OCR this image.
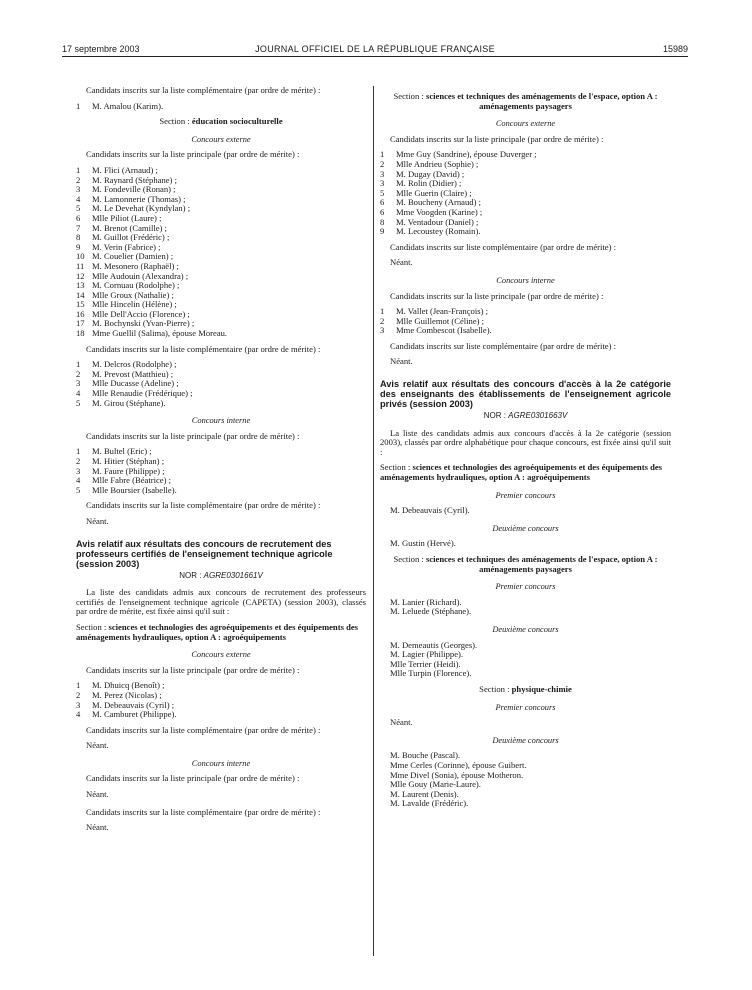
17 septembre 2003	JOURNAL OFFICIEL DE LA RÉPUBLIQUE FRANÇAISE	15989

Candidats inscrits sur la liste complémentaire (par ordre de mérite) :

1	M. Amalou (Karim).
Section : éducation socioculturelle
Concours externe

Candidats inscrits sur la liste principale (par ordre de mérite) :

1	M. Flici (Arnaud) ;
2	M. Raynard (Stéphane) ;
3	M. Fondeville (Ronan) ;
4	M. Lamonnerie (Thomas) ;
5	M. Le Devehat (Kyndylan) ;
6	Mlle Piliot (Laure) ;
7	M. Brenot (Camille) ;
8	M. Guillot (Frédéric) ;
9	M. Verin (Fabrice) ;
10 M. Couelier (Damien) ;
11 M. Mesonero (Raphaël) ;
12 Mlle Audouin (Alexandra) ;
13 M. Cornuau (Rodolphe) ;
14 Mlle Groux (Nathalie) ;
15 Mlle Hincelin (Hélène) ;
16 Mlle Dell'Accio (Florence) ;
17 M. Bochynski (Yvan-Pierre) ;
18 Mme Guellil (Salima), épouse Moreau.

Candidats inscrits sur la liste complémentaire (par ordre de mérite) :

1	M. Delcros (Rodolphe) ;
2	M. Prevost (Matthieu) ;
3	Mlle Ducasse (Adeline) ;
4	Mlle Renaudie (Frédérique) ;
5	M. Girou (Stéphane).
Concours interne

Candidats inscrits sur la liste principale (par ordre de mérite) :

1	M. Bultel (Eric) ;
2	M. Hitier (Stéphan) ;
3	M. Faure (Philippe) ;
4	Mlle Fabre (Béatrice) ;
5	Mlle Boursier (Isabelle).

Candidats inscrits sur la liste complémentaire (par ordre de mérite) :

Néant.
Avis relatif aux résultats des concours de recrutement des professeurs certifiés de l'enseignement technique agricole (session 2003)
NOR : AGRE0301661V

La liste des candidats admis aux concours de recrutement des professeurs certifiés de l'enseignement technique agricole (CAPETA) (session 2003), classés par ordre de mérite, est fixée ainsi qu'il suit :

Section : sciences et technologies des agroéquipements et des équipements des aménagements hydrauliques, option A : agroéquipements
Concours externe

Candidats inscrits sur la liste principale (par ordre de mérite) :

1	M. Dhuicq (Benoît) ;
2	M. Perez (Nicolas) ;
3	M. Debeauvais (Cyril) ;
4	M. Camburet (Philippe).

Candidats inscrits sur la liste complémentaire (par ordre de mérite) :

Néant.
Concours interne

Candidats inscrits sur la liste principale (par ordre de mérite) :

Néant.

Candidats inscrits sur la liste complémentaire (par ordre de mérite) :

Néant.
Section : sciences et techniques des aménagements de l'espace, option A : aménagements paysagers
Concours externe

Candidats inscrits sur la liste principale (par ordre de mérite) :

1	Mme Guy (Sandrine), épouse Duverger ;
2	Mlle Andrieu (Sophie) ;
3	M. Dugay (David) ;
3	M. Rolin (Didier) ;
5	Mlle Guerin (Claire) ;
6	M. Boucheny (Arnaud) ;
6	Mme Voogden (Karine) ;
8	M. Ventadour (Daniel) ;
9	M. Lecoustey (Romain).

Candidats inscrits sur liste complémentaire (par ordre de mérite) :

Néant.
Concours interne

Candidats inscrits sur la liste principale (par ordre de mérite) :

1	M. Vallet (Jean-François) ;
2	Mlle Guillemot (Céline) ;
3	Mme Combescot (Isabelle).

Candidats inscrits sur liste complémentaire (par ordre de mérite) :

Néant.
Avis relatif aux résultats des concours d'accès à la 2e catégorie des enseignants des établissements de l'enseignement agricole privés (session 2003)
NOR : AGRE0301663V

La liste des candidats admis aux concours d'accès à la 2e catégorie (session 2003), classés par ordre alphabétique pour chaque concours, est fixée ainsi qu'il suit :

Section : sciences et technologies des agroéquipements et des équipements des aménagements hydrauliques, option A : agroéquipements
Premier concours
M. Debeauvais (Cyril).
Deuxième concours
M. Gustin (Hervé).
Section : sciences et techniques des aménagements de l'espace, option A : aménagements paysagers
Premier concours
M. Lanier (Richard).
M. Leluede (Stéphane).
Deuxième concours
M. Demeautis (Georges).
M. Lagier (Philippe).
Mlle Terrier (Heidi).
Mlle Turpin (Florence).
Section : physique-chimie
Premier concours
Néant.
Deuxième concours
M. Bouche (Pascal).
Mme Cerles (Corinne), épouse Guibert.
Mme Divel (Sonia), épouse Motheron.
Mlle Gouy (Marie-Laure).
M. Laurent (Denis).
M. Lavalde (Frédéric).
